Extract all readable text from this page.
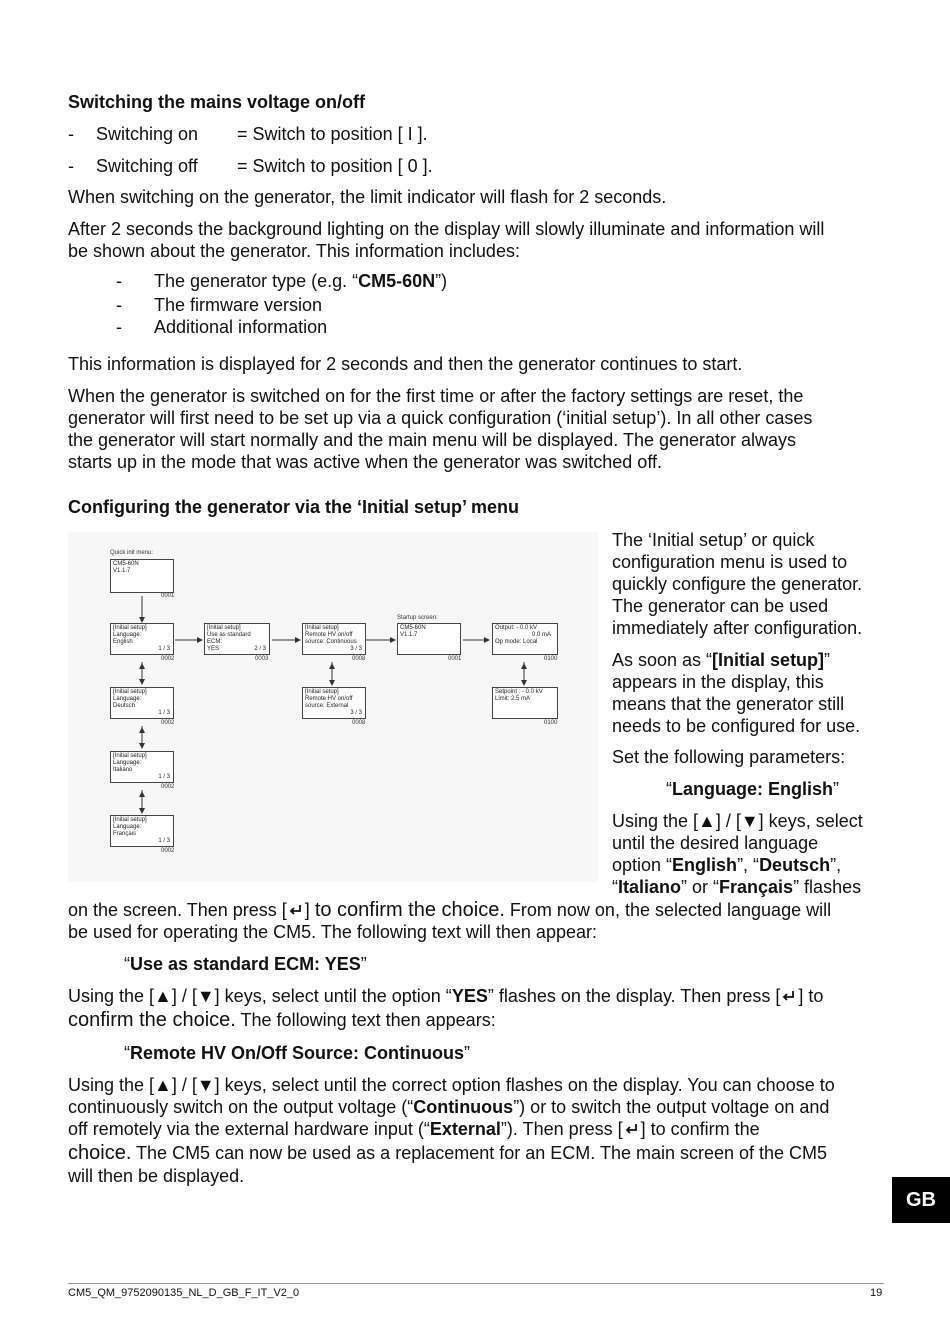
Switching the mains voltage on/off
- Switching on = Switch to position [ I ].
- Switching off = Switch to position [ 0 ].
When switching on the generator, the limit indicator will flash for 2 seconds.
After 2 seconds the background lighting on the display will slowly illuminate and information will
be shown about the generator. This information includes:
- The generator type (e.g. “CM5-60N”)
- The firmware version
- Additional information
This information is displayed for 2 seconds and then the generator continues to start.
When the generator is switched on for the first time or after the factory settings are reset, the
generator will first need to be set up via a quick configuration (‘initial setup’). In all other cases
the generator will start normally and the main menu will be displayed. The generator always
starts up in the mode that was active when the generator was switched off.
Configuring the generator via the ‘Initial setup’ menu
Quick init menu:
CM5-60N
V1.1.7
0001
[Initial setup]
Language:
English
1 / 3
0002
[Initial setup]
Language:
Deutsch
1 / 3
0002
[Initial setup]
Language:
Italiano
1 / 3
0002
[Initial setup]
Language:
Français
1 / 3
0002
[Initial setup]
Use as standard ECM:
YES	2 / 3
0003
[Initial setup]
Remote HV on/off
source: Continuous
3 / 3
0008
[Initial setup]
Remote HV on/off
source: External
3 / 3
0008
Startup screen:
CM5-60N
V1.1.7
0001
Output: - 0.0 kV
0.0 mA
Op mode: Local
0100
Setpoint : - 0.0 kV
Limit: 2.5 mA
0100
The ‘Initial setup’ or quick
configuration menu is used to
quickly configure the generator.
The generator can be used
immediately after configuration.
As soon as “[Initial setup]”
appears in the display, this
means that the generator still
needs to be configured for use.
Set the following parameters:
“Language: English”
Using the [▲] / [▼] keys, select
until the desired language
option “English”, “Deutsch”,
“Italiano” or “Français” flashes
on the screen. Then press [ ] to confirm the choice. From now on, the selected language will
be used for operating the CM5. The following text will then appear:
“Use as standard ECM: YES”
Using the [▲] / [▼] keys, select until the option “YES” flashes on the display. Then press [ ] to
confirm the choice. The following text then appears:
“Remote HV On/Off Source: Continuous”
Using the [▲] / [▼] keys, select until the correct option flashes on the display. You can choose to
continuously switch on the output voltage (“Continuous”) or to switch the output voltage on and
off remotely via the external hardware input (“External”). Then press [ ] to confirm the
choice. The CM5 can now be used as a replacement for an ECM. The main screen of the CM5
will then be displayed.
GB
CM5_QM_9752090135_NL_D_GB_F_IT_V2_0	19
